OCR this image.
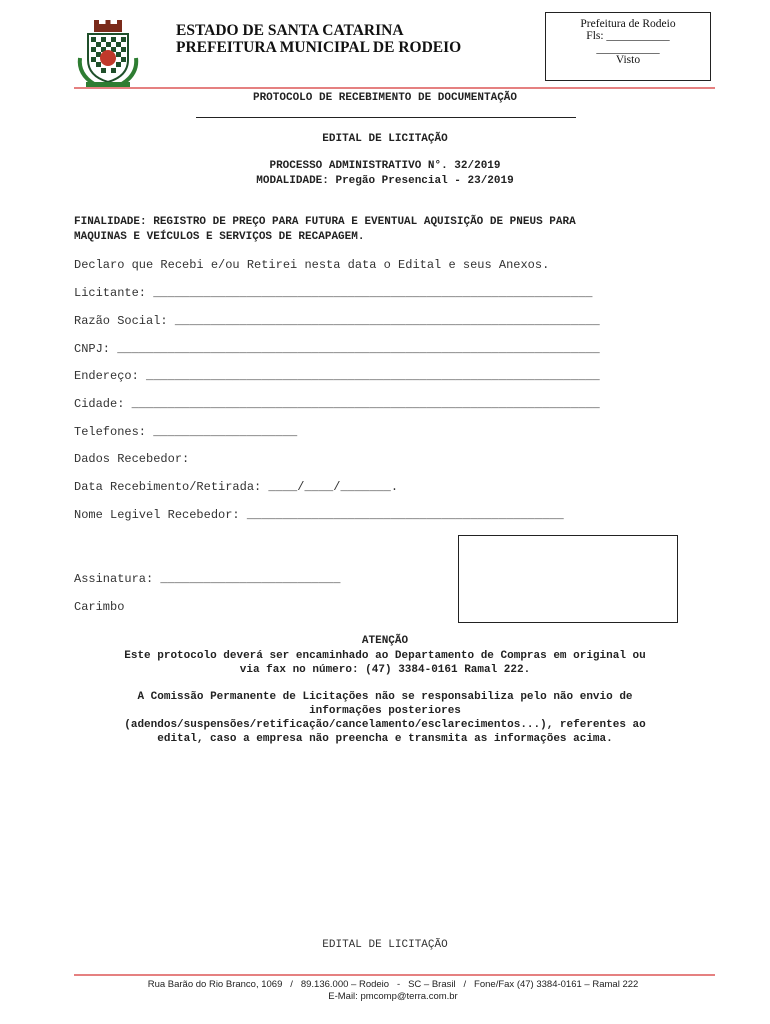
ESTADO DE SANTA CATARINA
PREFEITURA MUNICIPAL DE RODEIO
Prefeitura de Rodeio
Fls: ___________
___________
Visto
PROTOCOLO DE RECEBIMENTO DE DOCUMENTAÇÃO
EDITAL DE LICITAÇÃO
PROCESSO ADMINISTRATIVO N°. 32/2019
MODALIDADE: Pregão Presencial - 23/2019
FINALIDADE: REGISTRO DE PREÇO PARA FUTURA E EVENTUAL AQUISIÇÃO DE PNEUS PARA
MAQUINAS E VEÍCULOS E SERVIÇOS DE RECAPAGEM.
Declaro que Recebi e/ou Retirei nesta data o Edital e seus Anexos.
Licitante: _____________________________________________________________
Razão Social: ___________________________________________________________
CNPJ: ___________________________________________________________________
Endereço: _______________________________________________________________
Cidade: _________________________________________________________________
Telefones: ____________________
Dados Recebedor:
Data Recebimento/Retirada: ____/____/_______.
Nome Legivel Recebedor: ____________________________________________
Assinatura: _________________________
Carimbo
ATENÇÃO
Este protocolo deverá ser encaminhado ao Departamento de Compras em original ou
via fax no número: (47) 3384-0161 Ramal 222.
A Comissão Permanente de Licitações não se responsabiliza pelo não envio de
informações posteriores
(adendos/suspensões/retificação/cancelamento/esclarecimentos...), referentes ao
edital, caso a empresa não preencha e transmita as informações acima.
EDITAL DE LICITAÇÃO
Rua Barão do Rio Branco, 1069   /   89.136.000 – Rodeio   -   SC – Brasil   /   Fone/Fax (47) 3384-0161 – Ramal 222
E-Mail: pmcomp@terra.com.br
